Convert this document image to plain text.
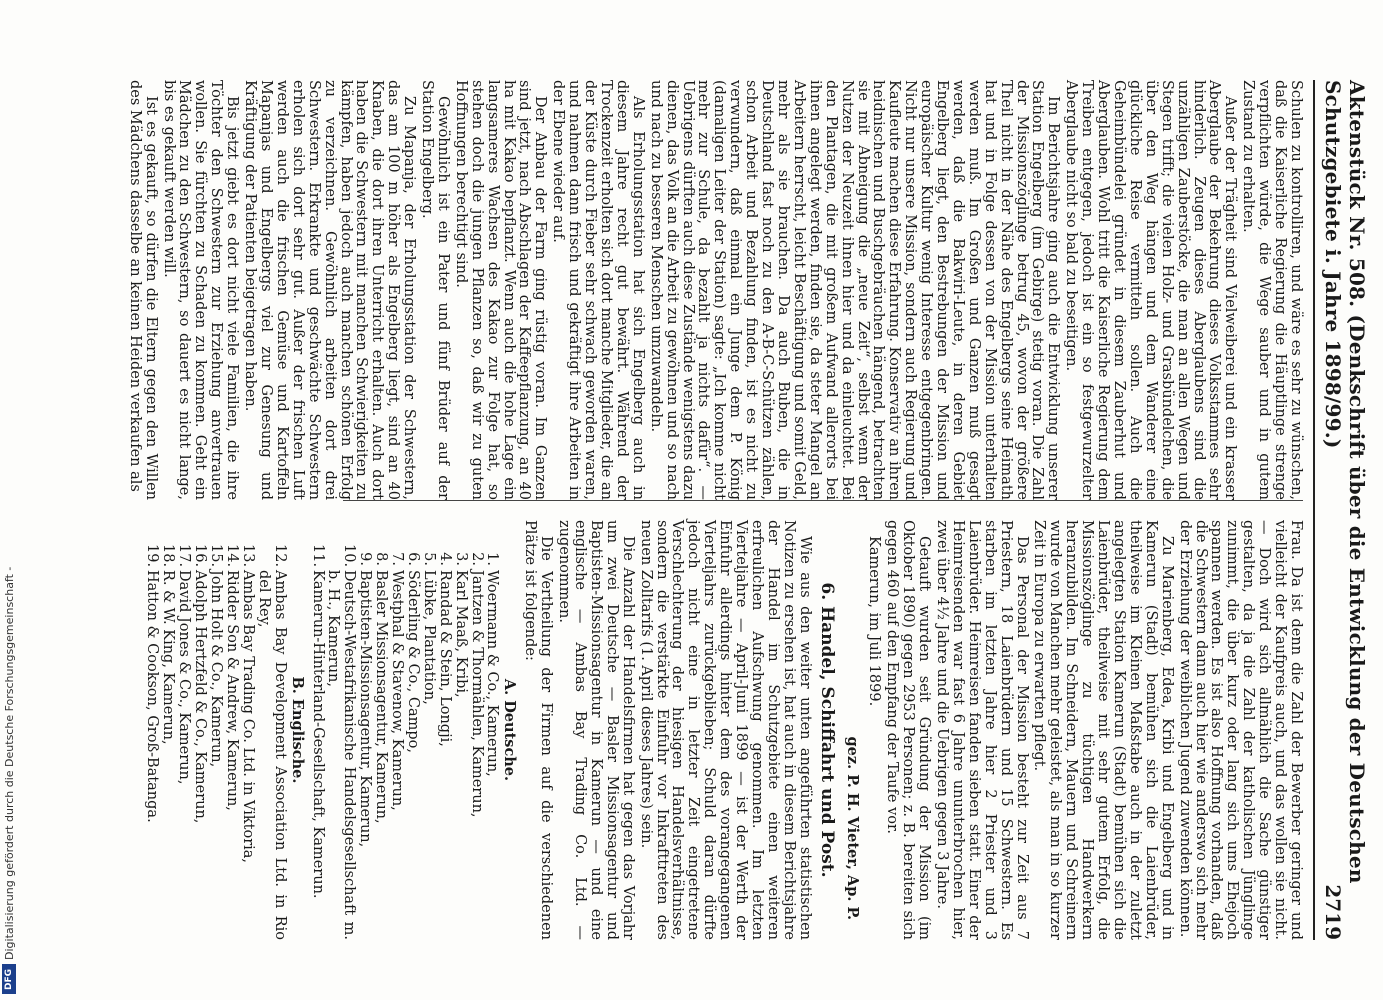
Aktenstück Nr. 508. (Denkschrift über die Entwicklung der Deutschen Schutzgebiete i. Jahre 1898/99.)
2719

Schulen zu kontrolliren, und wäre es sehr zu wünschen, daß die Kaiserliche Regierung die Häuptlinge strenge verpflichten würde, die Wege sauber und in gutem Zustand zu erhalten.

Außer der Trägheit sind Vielweiberei und ein krasser Aberglaube der Bekehrung dieses Volksstammes sehr hinderlich. Zeugen dieses Aberglaubens sind die unzähligen Zauberstöcke, die man an allen Wegen und Stegen trifft; die vielen Holz- und Grasbündelchen, die über den Weg hängen und dem Wanderer eine glückliche Reise vermitteln sollen. Auch die Geheimbündelei gründet in diesem Zauberhut und Aberglauben. Wohl tritt die Kaiserliche Regierung dem Treiben entgegen, jedoch ist ein so festgewurzelter Aberglaube nicht so bald zu beseitigen.

Im Berichtsjahre ging auch die Entwicklung unserer Station Engelberg (im Gebirge) stetig voran. Die Zahl der Missionszöglinge betrug 45, wovon der größere Theil nicht in der Nähe des Engelbergs seine Heimath hat und in Folge dessen von der Mission unterhalten werden muß. Im Großen und Ganzen muß gesagt werden, daß die Bakwiri-Leute, in deren Gebiet Engelberg liegt, den Bestrebungen der Mission und europäischer Kultur wenig Interesse entgegenbringen. Nicht nur unsere Mission, sondern auch Regierung und Kaufleute machen diese Erfahrung. Konservativ an ihren heidnischen und Buschgebräuchen hängend, betrachten sie mit Abneigung die „neue Zeit“, selbst wenn der Nutzen der Neuzeit ihnen hier und da einleuchtet. Bei den Plantagen, die mit großem Aufwand allerorts bei ihnen angelegt werden, finden sie, da steter Mangel an Arbeitern herrscht, leicht Beschäftigung und somit Geld, mehr als sie brauchen. Da auch Buben, die in Deutschland fast noch zu den A-B-C-Schützen zählen, schon Arbeit und Bezahlung finden, ist es nicht zu verwundern, daß einmal ein Junge dem P. König (damaligen Leiter der Station) sagte: „Ich komme nicht mehr zur Schule, da bezahlt ja nichts dafür“. — Uebrigens dürften auch diese Zustände wenigstens dazu dienen, das Volk an die Arbeit zu gewöhnen und so nach und nach zu besseren Menschen umzuwandeln.

Als Erholungsstation hat sich Engelberg auch in diesem Jahre recht gut bewährt. Während der Trockenzeit erholten sich dort manche Mitglieder, die an der Küste durch Fieber sehr schwach geworden waren, und nahmen dann frisch und gekräftigt ihre Arbeiten in der Ebene wieder auf.

Der Anbau der Farm ging rüstig voran. Im Ganzen sind jetzt, nach Abschlagen der Kaffeepflanzung, an 40 ha mit Kakao bepflanzt. Wenn auch die hohe Lage ein langsameres Wachsen des Kakao zur Folge hat, so stehen doch die jungen Pflanzen so, daß wir zu guten Hoffnungen berechtigt sind.

Gewöhnlich ist ein Pater und fünf Brüder auf der Station Engelberg.

Zu Mapanja, der Erholungsstation der Schwestern, das am 100 m höher als Engelberg liegt, sind an 40 Knaben, die dort ihren Unterricht erhalten. Auch dort haben die Schwestern mit manchen Schwierigkeiten zu kämpfen, haben jedoch auch manchen schönen Erfolg zu verzeichnen. Gewöhnlich arbeiten dort drei Schwestern. Erkrankte und geschwächte Schwestern erholen sich dort sehr gut. Außer der frischen Luft werden auch die frischen Gemüse und Kartoffeln Mapanjas und Engelbergs viel zur Genesung und Kräftigung der Patienten beigetragen haben.

Bis jetzt giebt es dort nicht viele Familien, die ihre Töchter den Schwestern zur Erziehung anvertrauen wollen. Sie fürchten zu Schaden zu kommen. Geht ein Mädchen zu den Schwestern, so dauert es nicht lange, bis es gekauft werden will.

Ist es gekauft, so dürfen die Eltern gegen den Willen des Mädchens dasselbe an keinen Heiden verkaufen als

Frau. Da ist denn die Zahl der Bewerber geringer und vielleicht der Kaufpreis auch, und das wollen sie nicht. — Doch wird sich allmählich die Sache günstiger gestalten, da ja die Zahl der katholischen Jünglinge zunimmt, die über kurz oder lang sich ums Ehejoch spannen werden. Es ist also Hoffnung vorhanden, daß die Schwestern dann auch hier wie anderswo sich mehr der Erziehung der weiblichen Jugend zuwenden können.

Zu Marienberg, Edea, Kribi und Engelberg und in Kamerun (Stadt) bemühen sich die Laienbrüder, theilweise im Kleinen Maßstabe auch in der zuletzt angelegten Station Kamerun (Stadt) bemühen sich die Laienbrüder, theilweise mit sehr gutem Erfolg, die Missionszöglinge zu tüchtigen Handwerkern heranzubilden. Im Schneidern, Mauern und Schreinern wurde von Manchen mehr geleistet, als man in so kurzer Zeit in Europa zu erwarten pflegt.

Das Personal der Mission besteht zur Zeit aus 7 Priestern, 18 Laienbrüdern und 15 Schwestern. Es starben im letzten Jahre hier 2 Priester und 3 Laienbrüder. Heimreisen fanden sieben statt. Einer der Heimreisenden war fast 6 Jahre ununterbrochen hier, zwei über 4½ Jahre und die Uebrigen gegen 3 Jahre.

Getauft wurden seit Gründung der Mission (im Oktober 1890) gegen 2953 Personen; z. B. bereiten sich gegen 460 auf den Empfang der Taufe vor.

Kamerun, im Juli 1899.

gez. P. H. Vieter, Ap. P.
6. Handel, Schiffahrt und Post.

Wie aus den weiter unten angeführten statistischen Notizen zu ersehen ist, hat auch in diesem Berichtsjahre der Handel im Schutzgebiete einen weiteren erfreulichen Aufschwung genommen. Im letzten Vierteljahre — April-Juni 1899 — ist der Werth der Einfuhr allerdings hinter dem des vorangegangenen Vierteljahrs zurückgeblieben; Schuld daran dürfte jedoch nicht eine in letzter Zeit eingetretene Verschlechterung der hiesigen Handelsverhältnisse, sondern die verstärkte Einfuhr vor Inkrafttreten des neuen Zolltarifs (1. April dieses Jahres) sein.

Die Anzahl der Handelsfirmen hat gegen das Vorjahr um zwei Deutsche — Basler Missionsagentur und Baptisten-Missionsagentur in Kamerun — und eine englische — Ambas Bay Trading Co. Ltd. — zugenommen.

Die Vertheilung der Firmen auf die verschiedenen Plätze ist folgende:

A. Deutsche.
1.
Woermann & Co., Kamerun,
2.
Jantzen & Thormählen, Kamerun,
3.
Karl Maaß, Kribi,
4.
Randad & Stein, Longji,
5.
Lübke, Plantation,
6.
Söderling & Co., Campo,
7.
Westphal & Stavenow, Kamerun,
8.
Basler Missionsagentur, Kamerun,
9.
Baptisten-Missionsagentur, Kamerun,
10.
Deutsch-Westafrikanische Handelsgesellschaft m. b. H., Kamerun,
11.
Kamerun-Hinterland-Gesellschaft, Kamerun.
B. Englische.
12.
Ambas Bay Development Association Ltd. in Rio del Rey,
13.
Ambas Bay Trading Co. Ltd. in Viktoria,
14.
Ridder Son & Andrew, Kamerun,
15.
John Holt & Co., Kamerun,
16.
Adolph Hertzfeld & Co., Kamerun,
17.
David Jones & Co., Kamerun,
18.
R. & W. King, Kamerun,
19.
Hatton & Cookson, Groß-Batanga.
Digitalisierung gefördert durch die Deutsche Forschungsgemeinschaft -
DFG
